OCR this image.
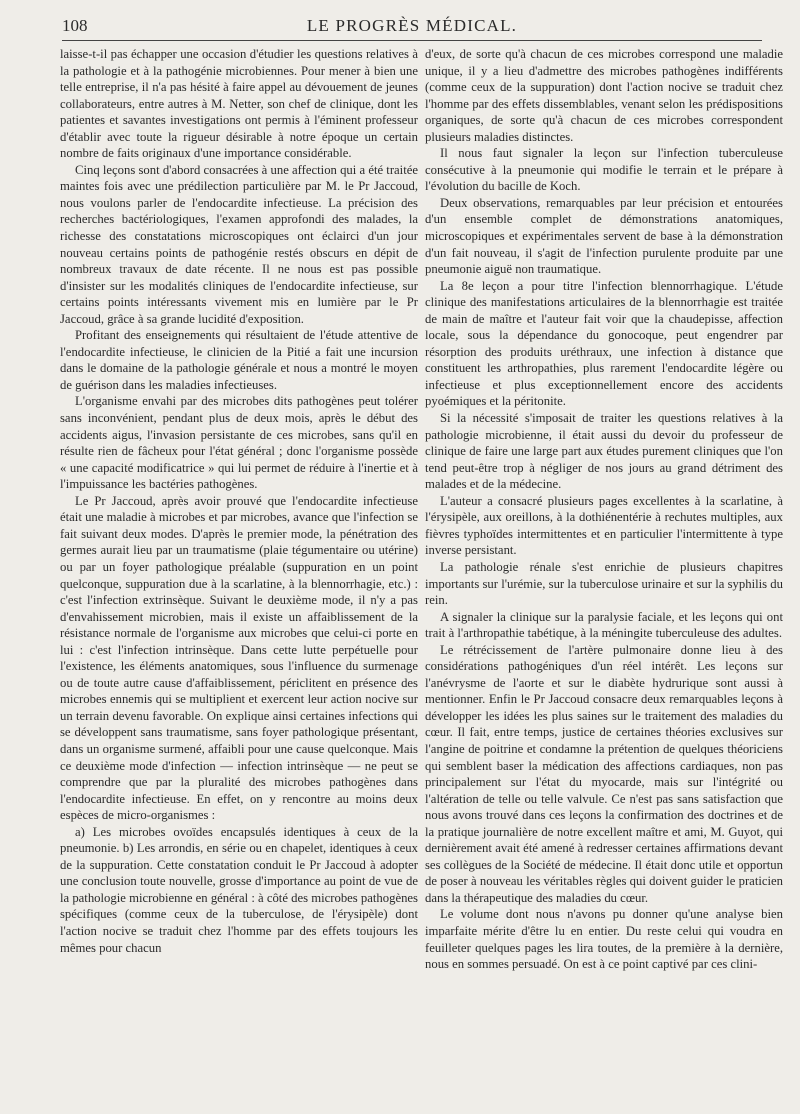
108	LE PROGRÈS MÉDICAL.

laisse-t-il pas échapper une occasion d'étudier les questions relatives à la pathologie et à la pathogénie microbiennes. Pour mener à bien une telle entreprise, il n'a pas hésité à faire appel au dévouement de jeunes collaborateurs, entre autres à M. Netter, son chef de clinique, dont les patientes et savantes investigations ont permis à l'éminent professeur d'établir avec toute la rigueur désirable à notre époque un certain nombre de faits originaux d'une importance considérable.

Cinq leçons sont d'abord consacrées à une affection qui a été traitée maintes fois avec une prédilection particulière par M. le Pr Jaccoud, nous voulons parler de l'endocardite infectieuse. La précision des recherches bactériologiques, l'examen approfondi des malades, la richesse des constatations microscopiques ont éclairci d'un jour nouveau certains points de pathogénie restés obscurs en dépit de nombreux travaux de date récente. Il ne nous est pas possible d'insister sur les modalités cliniques de l'endocardite infectieuse, sur certains points intéressants vivement mis en lumière par le Pr Jaccoud, grâce à sa grande lucidité d'exposition.

Profitant des enseignements qui résultaient de l'étude attentive de l'endocardite infectieuse, le clinicien de la Pitié a fait une incursion dans le domaine de la pathologie générale et nous a montré le moyen de guérison dans les maladies infectieuses.

L'organisme envahi par des microbes dits pathogènes peut tolérer sans inconvénient, pendant plus de deux mois, après le début des accidents aigus, l'invasion persistante de ces microbes, sans qu'il en résulte rien de fâcheux pour l'état général ; donc l'organisme possède « une capacité modificatrice » qui lui permet de réduire à l'inertie et à l'impuissance les bactéries pathogènes.

Le Pr Jaccoud, après avoir prouvé que l'endocardite infectieuse était une maladie à microbes et par microbes, avance que l'infection se fait suivant deux modes. D'après le premier mode, la pénétration des germes aurait lieu par un traumatisme (plaie tégumentaire ou utérine) ou par un foyer pathologique préalable (suppuration en un point quelconque, suppuration due à la scarlatine, à la blennorrhagie, etc.) : c'est l'infection extrinsèque. Suivant le deuxième mode, il n'y a pas d'envahissement microbien, mais il existe un affaiblissement de la résistance normale de l'organisme aux microbes que celui-ci porte en lui : c'est l'infection intrinsèque. Dans cette lutte perpétuelle pour l'existence, les éléments anatomiques, sous l'influence du surmenage ou de toute autre cause d'affaiblissement, périclitent en présence des microbes ennemis qui se multiplient et exercent leur action nocive sur un terrain devenu favorable. On explique ainsi certaines infections qui se développent sans traumatisme, sans foyer pathologique présentant, dans un organisme surmené, affaibli pour une cause quelconque. Mais ce deuxième mode d'infection — infection intrinsèque — ne peut se comprendre que par la pluralité des microbes pathogènes dans l'endocardite infectieuse. En effet, on y rencontre au moins deux espèces de micro-organismes :

a) Les microbes ovoïdes encapsulés identiques à ceux de la pneumonie. b) Les arrondis, en série ou en chapelet, identiques à ceux de la suppuration. Cette constatation conduit le Pr Jaccoud à adopter une conclusion toute nouvelle, grosse d'importance au point de vue de la pathologie microbienne en général : à côté des microbes pathogènes spécifiques (comme ceux de la tuberculose, de l'érysipèle) dont l'action nocive se traduit chez l'homme par des effets toujours les mêmes pour chacun

d'eux, de sorte qu'à chacun de ces microbes correspond une maladie unique, il y a lieu d'admettre des microbes pathogènes indifférents (comme ceux de la suppuration) dont l'action nocive se traduit chez l'homme par des effets dissemblables, venant selon les prédispositions organiques, de sorte qu'à chacun de ces microbes correspondent plusieurs maladies distinctes.

Il nous faut signaler la leçon sur l'infection tuberculeuse consécutive à la pneumonie qui modifie le terrain et le prépare à l'évolution du bacille de Koch.

Deux observations, remarquables par leur précision et entourées d'un ensemble complet de démonstrations anatomiques, microscopiques et expérimentales servent de base à la démonstration d'un fait nouveau, il s'agit de l'infection purulente produite par une pneumonie aiguë non traumatique.

La 8e leçon a pour titre l'infection blennorrhagique. L'étude clinique des manifestations articulaires de la blennorrhagie est traitée de main de maître et l'auteur fait voir que la chaudepisse, affection locale, sous la dépendance du gonocoque, peut engendrer par résorption des produits uréthraux, une infection à distance que constituent les arthropathies, plus rarement l'endocardite légère ou infectieuse et plus exceptionnellement encore des accidents pyoémiques et la péritonite.

Si la nécessité s'imposait de traiter les questions relatives à la pathologie microbienne, il était aussi du devoir du professeur de clinique de faire une large part aux études purement cliniques que l'on tend peut-être trop à négliger de nos jours au grand détriment des malades et de la médecine.

L'auteur a consacré plusieurs pages excellentes à la scarlatine, à l'érysipèle, aux oreillons, à la dothiénentérie à rechutes multiples, aux fièvres typhoïdes intermittentes et en particulier l'intermittente à type inverse persistant.

La pathologie rénale s'est enrichie de plusieurs chapitres importants sur l'urémie, sur la tuberculose urinaire et sur la syphilis du rein.

A signaler la clinique sur la paralysie faciale, et les leçons qui ont trait à l'arthropathie tabétique, à la méningite tuberculeuse des adultes.

Le rétrécissement de l'artère pulmonaire donne lieu à des considérations pathogéniques d'un réel intérêt. Les leçons sur l'anévrysme de l'aorte et sur le diabète hydrurique sont aussi à mentionner. Enfin le Pr Jaccoud consacre deux remarquables leçons à développer les idées les plus saines sur le traitement des maladies du cœur. Il fait, entre temps, justice de certaines théories exclusives sur l'angine de poitrine et condamne la prétention de quelques théoriciens qui semblent baser la médication des affections cardiaques, non pas principalement sur l'état du myocarde, mais sur l'intégrité ou l'altération de telle ou telle valvule. Ce n'est pas sans satisfaction que nous avons trouvé dans ces leçons la confirmation des doctrines et de la pratique journalière de notre excellent maître et ami, M. Guyot, qui dernièrement avait été amené à redresser certaines affirmations devant ses collègues de la Société de médecine. Il était donc utile et opportun de poser à nouveau les véritables règles qui doivent guider le praticien dans la thérapeutique des maladies du cœur.

Le volume dont nous n'avons pu donner qu'une analyse bien imparfaite mérite d'être lu en entier. Du reste celui qui voudra en feuilleter quelques pages les lira toutes, de la première à la dernière, nous en sommes persuadé. On est à ce point captivé par ces clini-
